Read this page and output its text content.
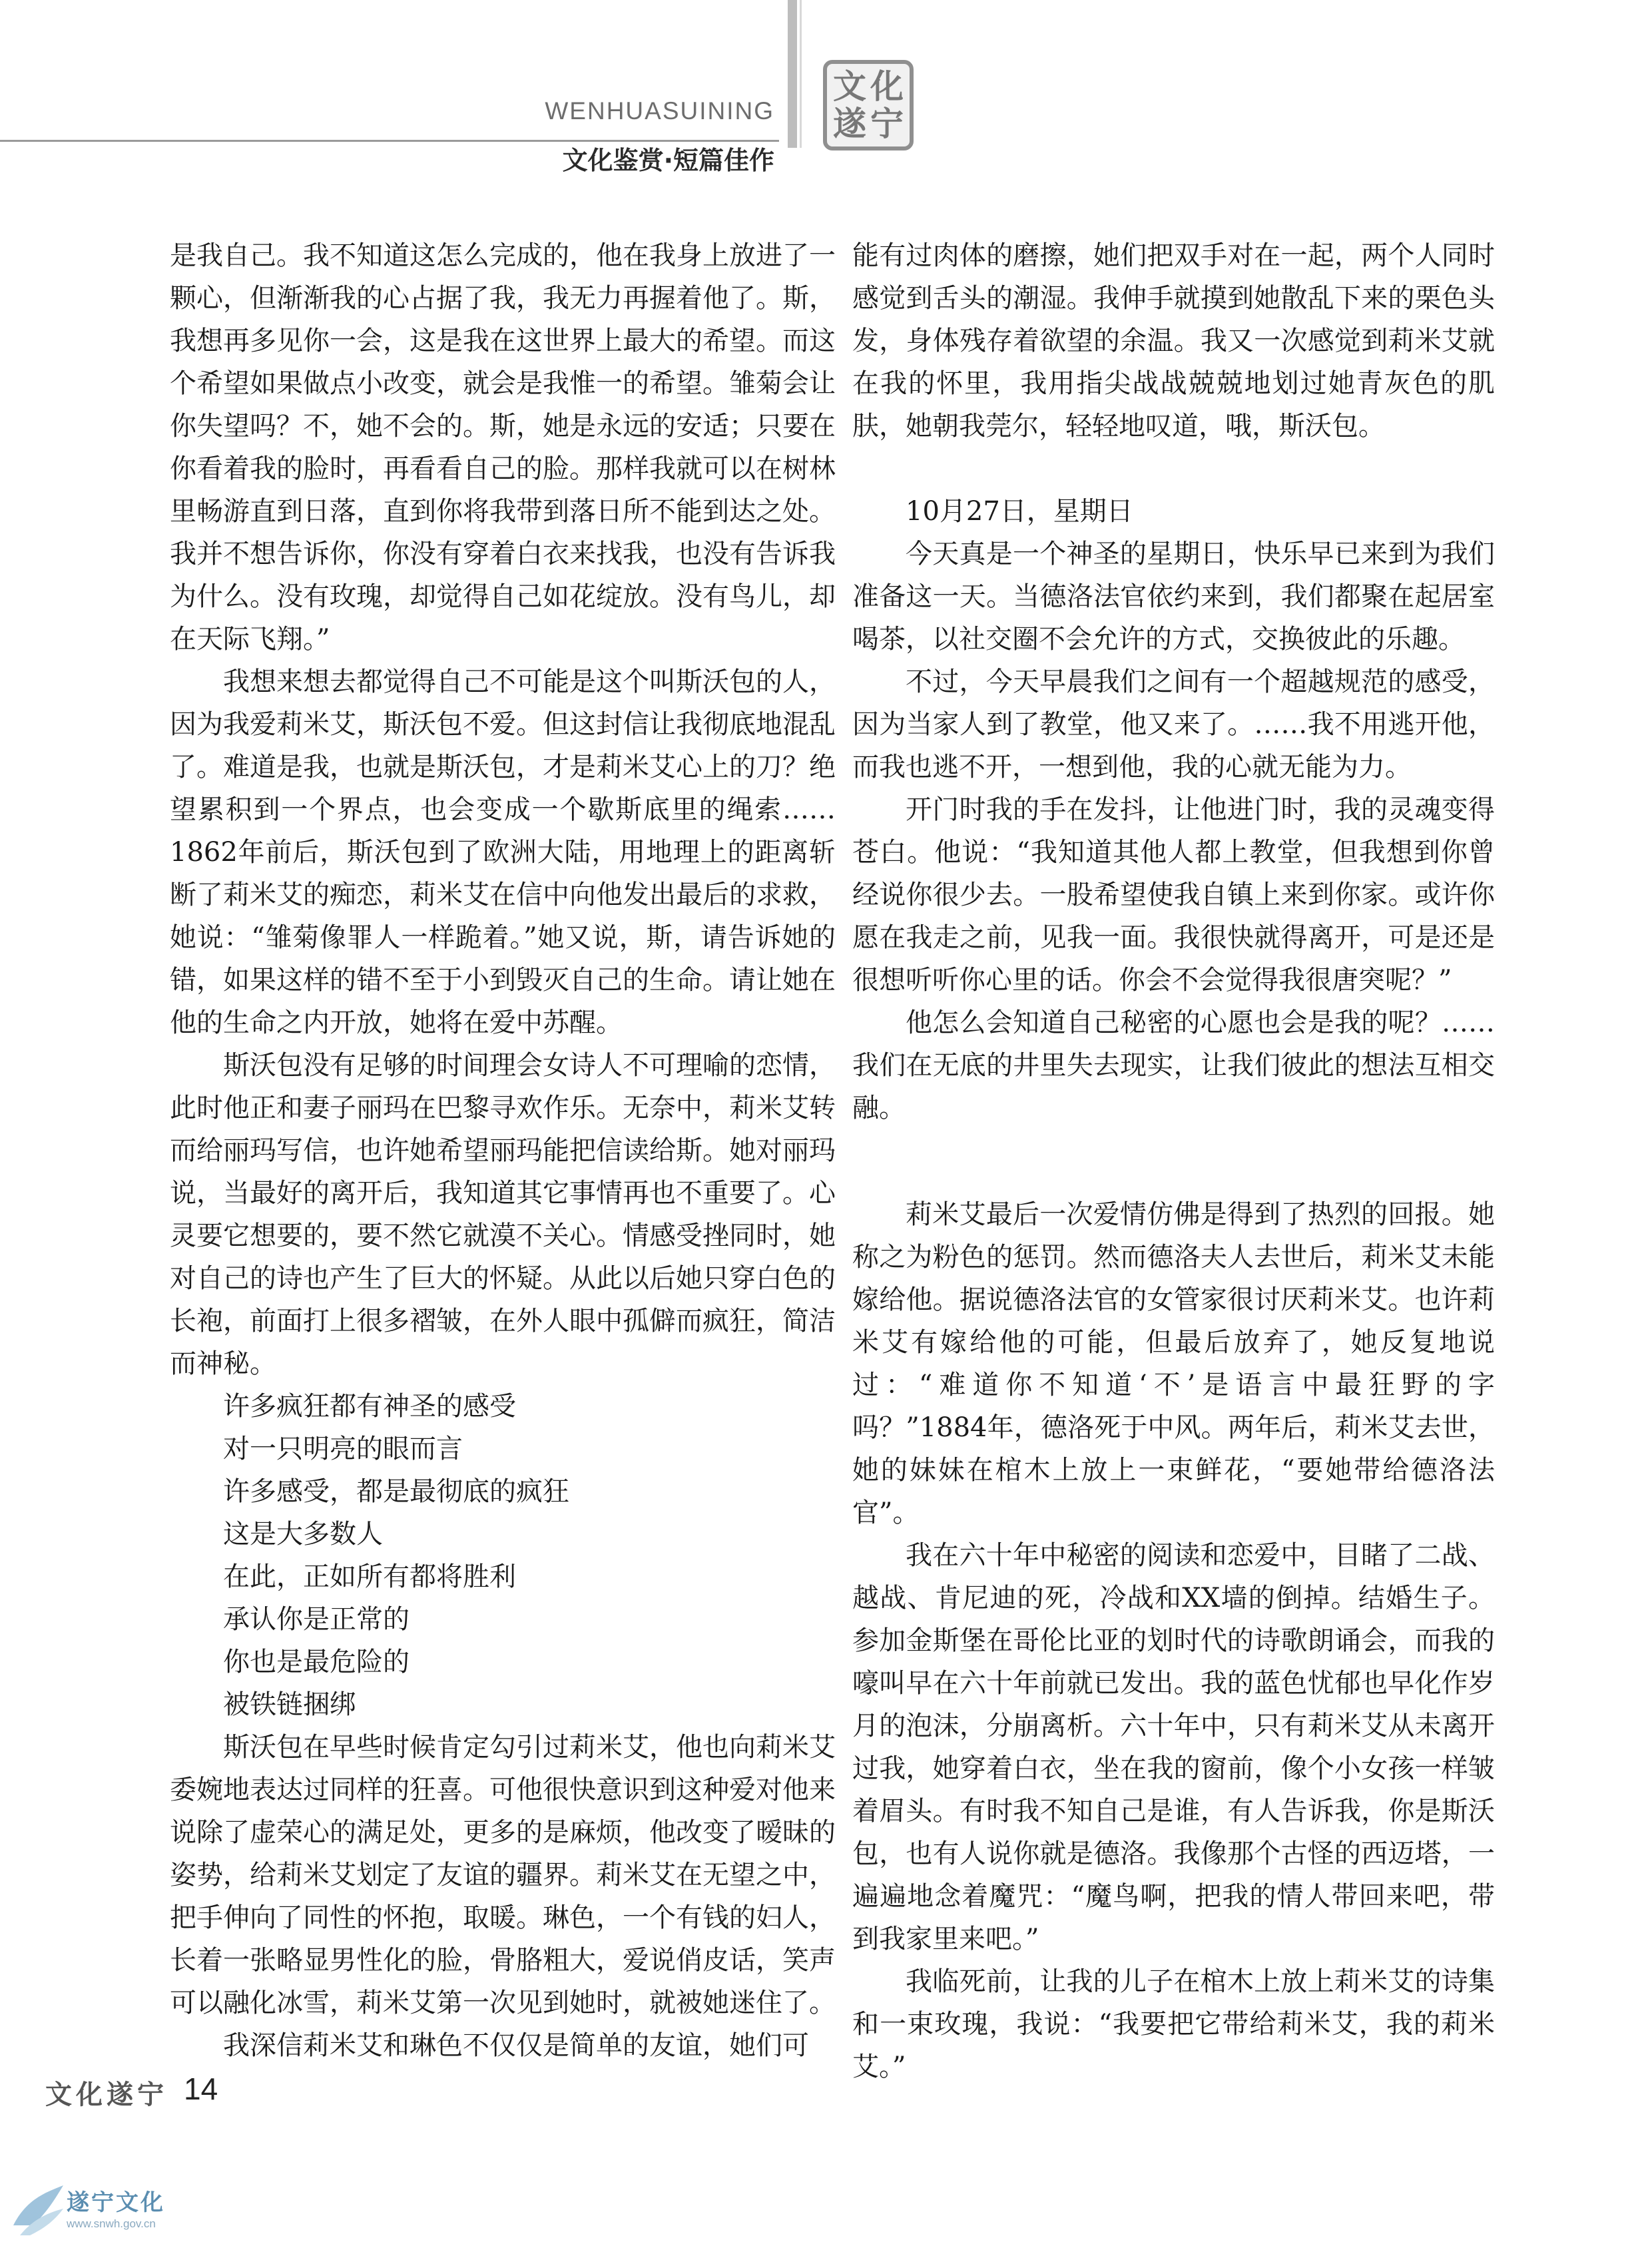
WENHUASUINING
文化鉴赏·短篇佳作
文 化
遂 宁

是我自己。我不知道这怎么完成的，他在我身上放进了一颗心，但渐渐我的心占据了我，我无力再握着他了。斯，我想再多见你一会，这是我在这世界上最大的希望。而这个希望如果做点小改变，就会是我惟一的希望。雏菊会让你失望吗？不，她不会的。斯，她是永远的安适；只要在你看着我的脸时，再看看自己的脸。那样我就可以在树林里畅游直到日落，直到你将我带到落日所不能到达之处。我并不想告诉你，你没有穿着白衣来找我，也没有告诉我为什么。没有玫瑰，却觉得自己如花绽放。没有鸟儿，却在天际飞翔。”

我想来想去都觉得自己不可能是这个叫斯沃包的人，因为我爱莉米艾，斯沃包不爱。但这封信让我彻底地混乱了。难道是我，也就是斯沃包，才是莉米艾心上的刀？绝望累积到一个界点，也会变成一个歇斯底里的绳索……1862年前后，斯沃包到了欧洲大陆，用地理上的距离斩断了莉米艾的痴恋，莉米艾在信中向他发出最后的求救，她说：“雏菊像罪人一样跪着。”她又说，斯，请告诉她的错，如果这样的错不至于小到毁灭自己的生命。请让她在他的生命之内开放，她将在爱中苏醒。

斯沃包没有足够的时间理会女诗人不可理喻的恋情，此时他正和妻子丽玛在巴黎寻欢作乐。无奈中，莉米艾转而给丽玛写信，也许她希望丽玛能把信读给斯。她对丽玛说，当最好的离开后，我知道其它事情再也不重要了。心灵要它想要的，要不然它就漠不关心。情感受挫同时，她对自己的诗也产生了巨大的怀疑。从此以后她只穿白色的长袍，前面打上很多褶皱，在外人眼中孤僻而疯狂，简洁而神秘。

许多疯狂都有神圣的感受

对一只明亮的眼而言

许多感受，都是最彻底的疯狂

这是大多数人

在此，正如所有都将胜利

承认你是正常的

你也是最危险的

被铁链捆绑

斯沃包在早些时候肯定勾引过莉米艾，他也向莉米艾委婉地表达过同样的狂喜。可他很快意识到这种爱对他来说除了虚荣心的满足处，更多的是麻烦，他改变了暧昧的姿势，给莉米艾划定了友谊的疆界。莉米艾在无望之中，把手伸向了同性的怀抱，取暖。琳色，一个有钱的妇人，长着一张略显男性化的脸，骨胳粗大，爱说俏皮话，笑声可以融化冰雪，莉米艾第一次见到她时，就被她迷住了。

我深信莉米艾和琳色不仅仅是简单的友谊，她们可

能有过肉体的磨擦，她们把双手对在一起，两个人同时感觉到舌头的潮湿。我伸手就摸到她散乱下来的栗色头发，身体残存着欲望的余温。我又一次感觉到莉米艾就在我的怀里，我用指尖战战兢兢地划过她青灰色的肌肤，她朝我莞尔，轻轻地叹道，哦，斯沃包。

10月27日，星期日

今天真是一个神圣的星期日，快乐早已来到为我们准备这一天。当德洛法官依约来到，我们都聚在起居室喝茶，以社交圈不会允许的方式，交换彼此的乐趣。

不过，今天早晨我们之间有一个超越规范的感受，因为当家人到了教堂，他又来了。……我不用逃开他，而我也逃不开，一想到他，我的心就无能为力。

开门时我的手在发抖，让他进门时，我的灵魂变得苍白。他说：“我知道其他人都上教堂，但我想到你曾经说你很少去。一股希望使我自镇上来到你家。或许你愿在我走之前，见我一面。我很快就得离开，可是还是很想听听你心里的话。你会不会觉得我很唐突呢？”

他怎么会知道自己秘密的心愿也会是我的呢？……我们在无底的井里失去现实，让我们彼此的想法互相交融。

莉米艾最后一次爱情仿佛是得到了热烈的回报。她称之为粉色的惩罚。然而德洛夫人去世后，莉米艾未能嫁给他。据说德洛法官的女管家很讨厌莉米艾。也许莉米艾有嫁给他的可能，但最后放弃了，她反复地说过：“难道你不知道‘不’是语言中最狂野的字吗？”1884年，德洛死于中风。两年后，莉米艾去世，她的妹妹在棺木上放上一束鲜花，“要她带给德洛法官”。

我在六十年中秘密的阅读和恋爱中，目睹了二战、越战、肯尼迪的死，冷战和XX墙的倒掉。结婚生子。参加金斯堡在哥伦比亚的划时代的诗歌朗诵会，而我的嚎叫早在六十年前就已发出。我的蓝色忧郁也早化作岁月的泡沫，分崩离析。六十年中，只有莉米艾从未离开过我，她穿着白衣，坐在我的窗前，像个小女孩一样皱着眉头。有时我不知自己是谁，有人告诉我，你是斯沃包，也有人说你就是德洛。我像那个古怪的西迈塔，一遍遍地念着魔咒：“魔鸟啊，把我的情人带回来吧，带到我家里来吧。”

我临死前，让我的儿子在棺木上放上莉米艾的诗集和一束玫瑰，我说：“我要把它带给莉米艾，我的莉米艾。”

文化遂宁 14
遂宁文化
www.snwh.gov.cn
